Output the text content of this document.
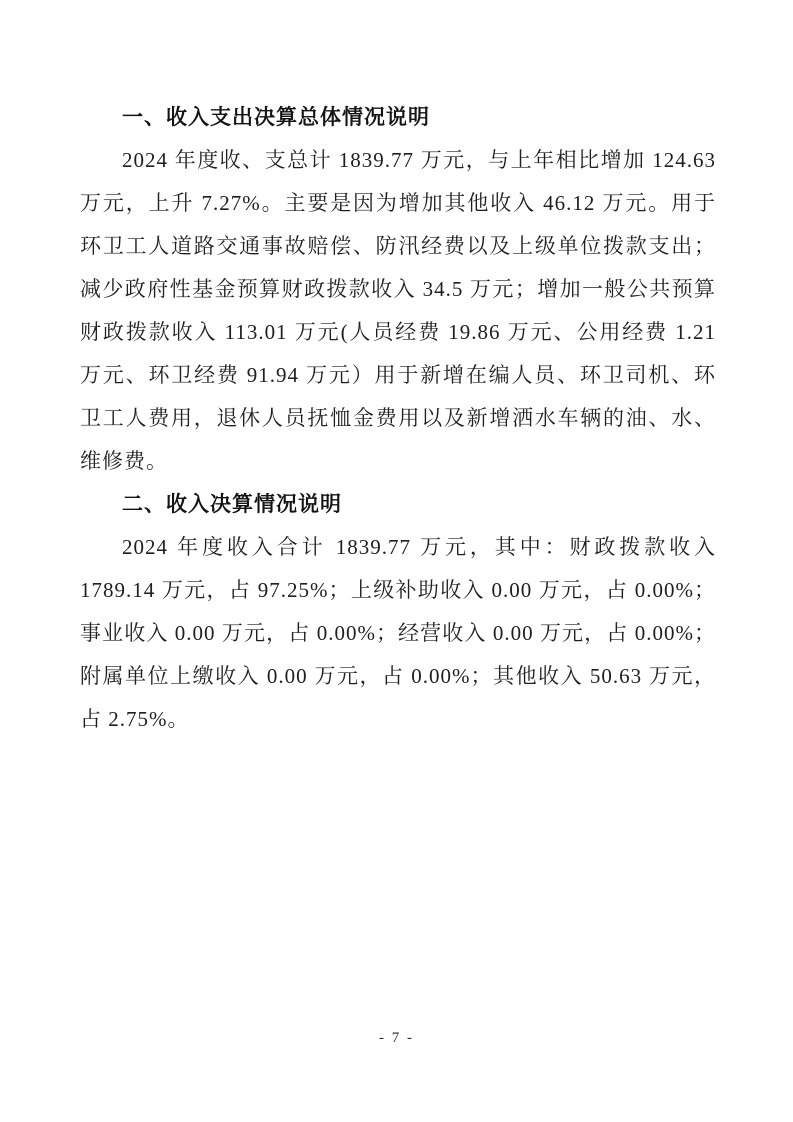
一、收入支出决算总体情况说明

2024 年度收、支总计 1839.77 万元，与上年相比增加 124.63 万元，上升 7.27%。主要是因为增加其他收入 46.12 万元。用于环卫工人道路交通事故赔偿、防汛经费以及上级单位拨款支出；减少政府性基金预算财政拨款收入 34.5 万元；增加一般公共预算财政拨款收入 113.01 万元(人员经费 19.86 万元、公用经费 1.21 万元、环卫经费 91.94 万元）用于新增在编人员、环卫司机、环卫工人费用，退休人员抚恤金费用以及新增洒水车辆的油、水、维修费。

二、收入决算情况说明

2024 年度收入合计 1839.77 万元，其中：财政拨款收入 1789.14 万元，占 97.25%；上级补助收入 0.00 万元，占 0.00%；事业收入 0.00 万元，占 0.00%；经营收入 0.00 万元，占 0.00%；附属单位上缴收入 0.00 万元，占 0.00%；其他收入 50.63 万元，占 2.75%。

- 7 -
